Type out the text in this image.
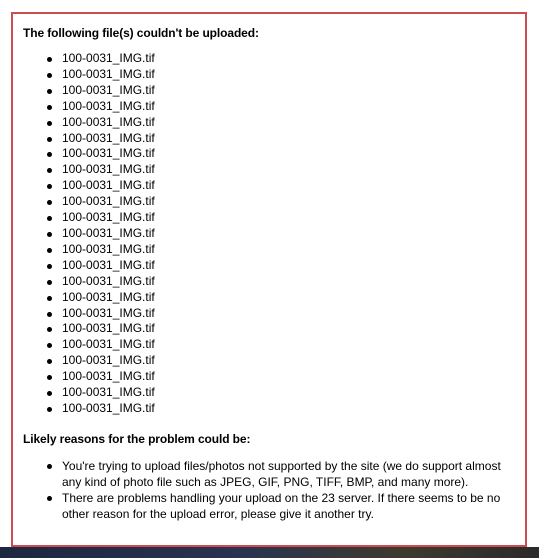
The following file(s) couldn't be uploaded:

100-0031_IMG.tif
100-0031_IMG.tif
100-0031_IMG.tif
100-0031_IMG.tif
100-0031_IMG.tif
100-0031_IMG.tif
100-0031_IMG.tif
100-0031_IMG.tif
100-0031_IMG.tif
100-0031_IMG.tif
100-0031_IMG.tif
100-0031_IMG.tif
100-0031_IMG.tif
100-0031_IMG.tif
100-0031_IMG.tif
100-0031_IMG.tif
100-0031_IMG.tif
100-0031_IMG.tif
100-0031_IMG.tif
100-0031_IMG.tif
100-0031_IMG.tif
100-0031_IMG.tif
100-0031_IMG.tif

Likely reasons for the problem could be:

You're trying to upload files/photos not supported by the site (we do support almost any kind of photo file such as JPEG, GIF, PNG, TIFF, BMP, and many more).
There are problems handling your upload on the 23 server. If there seems to be no other reason for the upload error, please give it another try.
